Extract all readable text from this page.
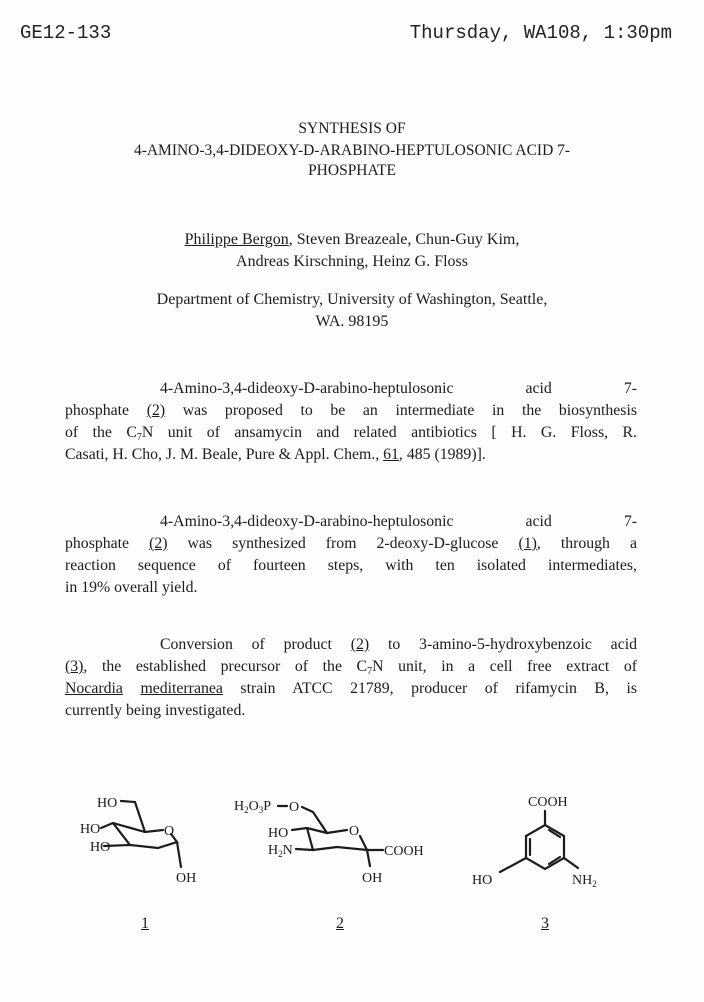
GE12-133	Thursday, WA108, 1:30pm
SYNTHESIS OF
4-AMINO-3,4-DIDEOXY-D-ARABINO-HEPTULOSONIC ACID 7-
PHOSPHATE
Philippe Bergon, Steven Breazeale, Chun-Guy Kim,
Andreas Kirschning, Heinz G. Floss
Department of Chemistry, University of Washington, Seattle,
WA. 98195
4-Amino-3,4-dideoxy-D-arabino-heptulosonic acid 7-
phosphate (2) was proposed to be an intermediate in the biosynthesis
of the $C_7N$ unit of ansamycin and related antibiotics [ H. G. Floss, R.
Casati, H. Cho, J. M. Beale, Pure & Appl. Chem., 61, 485 (1989)].
4-Amino-3,4-dideoxy-D-arabino-heptulosonic acid 7-
phosphate (2) was synthesized from 2-deoxy-D-glucose (1), through a
reaction sequence of fourteen steps, with ten isolated intermediates,
in 19% overall yield.
Conversion of product (2) to 3-amino-5-hydroxybenzoic acid
(3), the established precursor of the $C_7N$ unit, in a cell free extract of
Nocardia mediterranea strain ATCC 21789, producer of rifamycin B, is
currently being investigated.
HO
HO
HO
O
OH
$H_2O_3P$ O
HO
$H_2N$
O
COOH
OH
COOH
HO	$NH_2$
1	2	3
